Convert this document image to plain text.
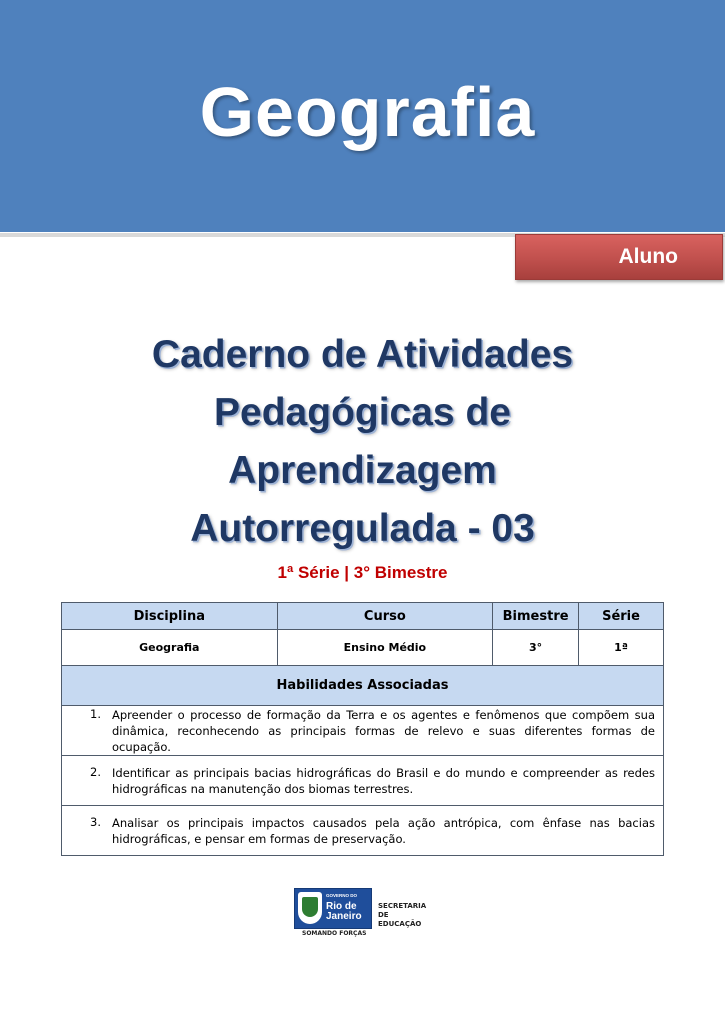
Geografia
Aluno
Caderno de Atividades
Pedagógicas de
Aprendizagem
Autorregulada - 03
1ª Série | 3° Bimestre
Disciplina	Curso	Bimestre	Série
Geografia	Ensino Médio	3°	1ª
Habilidades Associadas			

1. Apreender o processo de formação da Terra e os agentes e fenômenos que compõem sua dinâmica, reconhecendo as principais formas de relevo e suas diferentes formas de ocupação.			

2. Identificar as principais bacias hidrográficas do Brasil e do mundo e compreender as redes hidrográficas na manutenção dos biomas terrestres.			

3. Analisar os principais impactos causados pela ação antrópica, com ênfase nas bacias hidrográficas, e pensar em formas de preservação.			
GOVERNO DO
Rio de
Janeiro
SOMANDO FORÇAS
SECRETARIA
DE EDUCAÇÃO
